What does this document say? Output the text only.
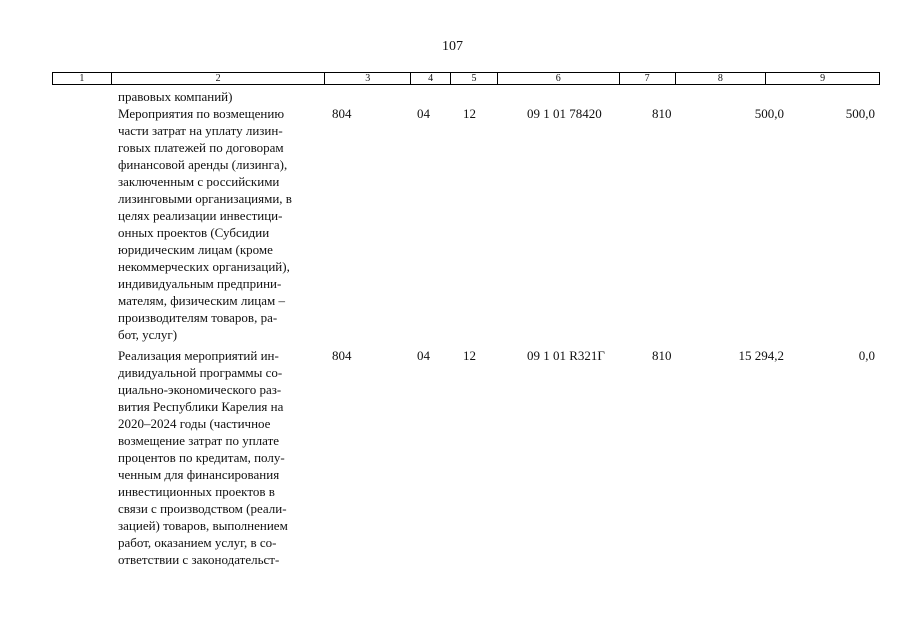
107
1	2	3	4	5	6	7	8	9
правовых компаний)
Мероприятия по возмещению
части затрат на уплату лизин-
говых платежей по договорам
финансовой аренды (лизинга),
заключенным с российскими
лизинговыми организациями, в
целях реализации инвестици-
онных проектов (Субсидии
юридическим лицам (кроме
некоммерческих организаций),
индивидуальным предприни-
мателям, физическим лицам –
производителям товаров, ра-
бот, услуг)
804	04	12	09 1 01 78420	810	500,0	500,0
Реализация мероприятий ин-
дивидуальной программы со-
циально-экономического раз-
вития Республики Карелия на
2020–2024 годы (частичное
возмещение затрат по уплате
процентов по кредитам, полу-
ченным для финансирования
инвестиционных проектов в
связи с производством (реали-
зацией) товаров, выполнением
работ, оказанием услуг, в со-
ответствии с законодательст-
804	04	12	09 1 01 R321Г	810	15 294,2	0,0
